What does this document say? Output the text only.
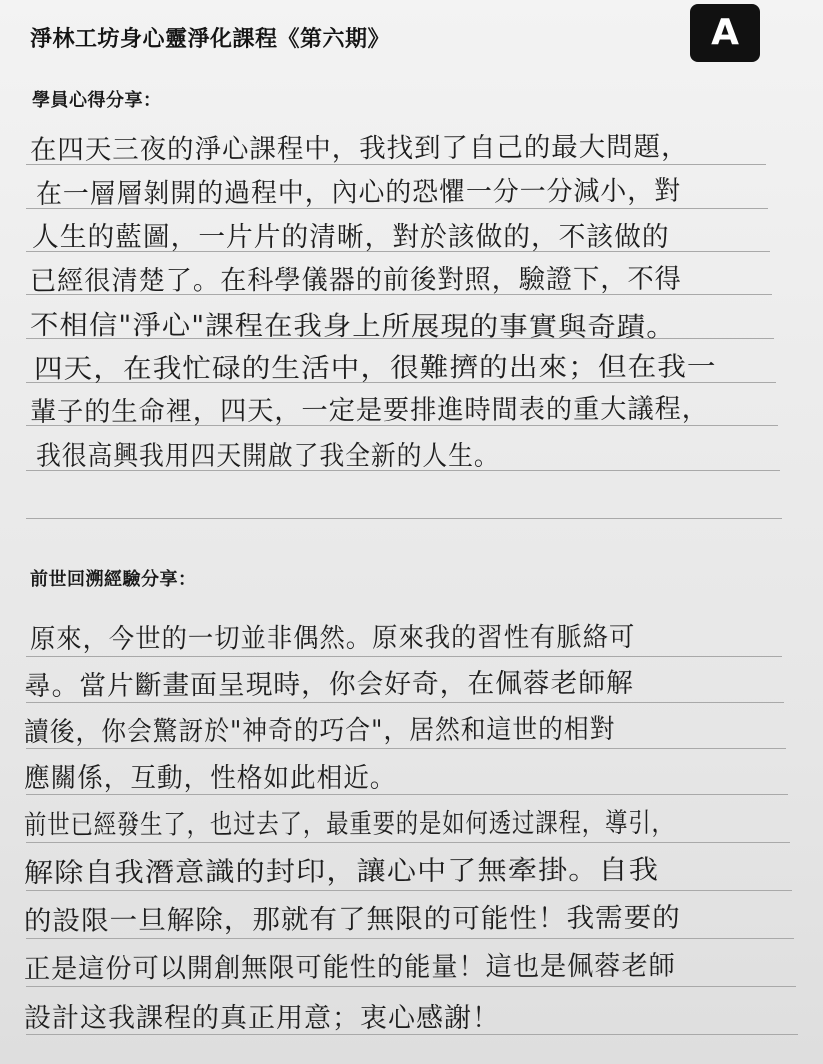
淨林工坊身心靈淨化課程《第六期》	A
學員心得分享：
在四天三夜的淨心課程中，我找到了自己的最大問題，
在一層層剝開的過程中，內心的恐懼一分一分減小，對
人生的藍圖，一片片的清晰，對於該做的，不該做的
已經很清楚了。在科學儀器的前後對照，驗證下，不得
不相信"淨心"課程在我身上所展現的事實與奇蹟。
四天，在我忙碌的生活中，很難擠的出來；但在我一
輩子的生命裡，四天，一定是要排進時間表的重大議程，
我很高興我用四天開啟了我全新的人生。
前世回溯經驗分享：
原來，今世的一切並非偶然。原來我的習性有脈絡可
尋。當片斷畫面呈現時，你会好奇，在佩蓉老師解
讀後，你会驚訝於"神奇的巧合"，居然和這世的相對
應關係，互動，性格如此相近。
前世已經發生了，也过去了，最重要的是如何透过課程，導引，
解除自我潛意識的封印，讓心中了無牽掛。自我
的設限一旦解除，那就有了無限的可能性！我需要的
正是這份可以開創無限可能性的能量！這也是佩蓉老師
設計这我課程的真正用意；衷心感謝！
